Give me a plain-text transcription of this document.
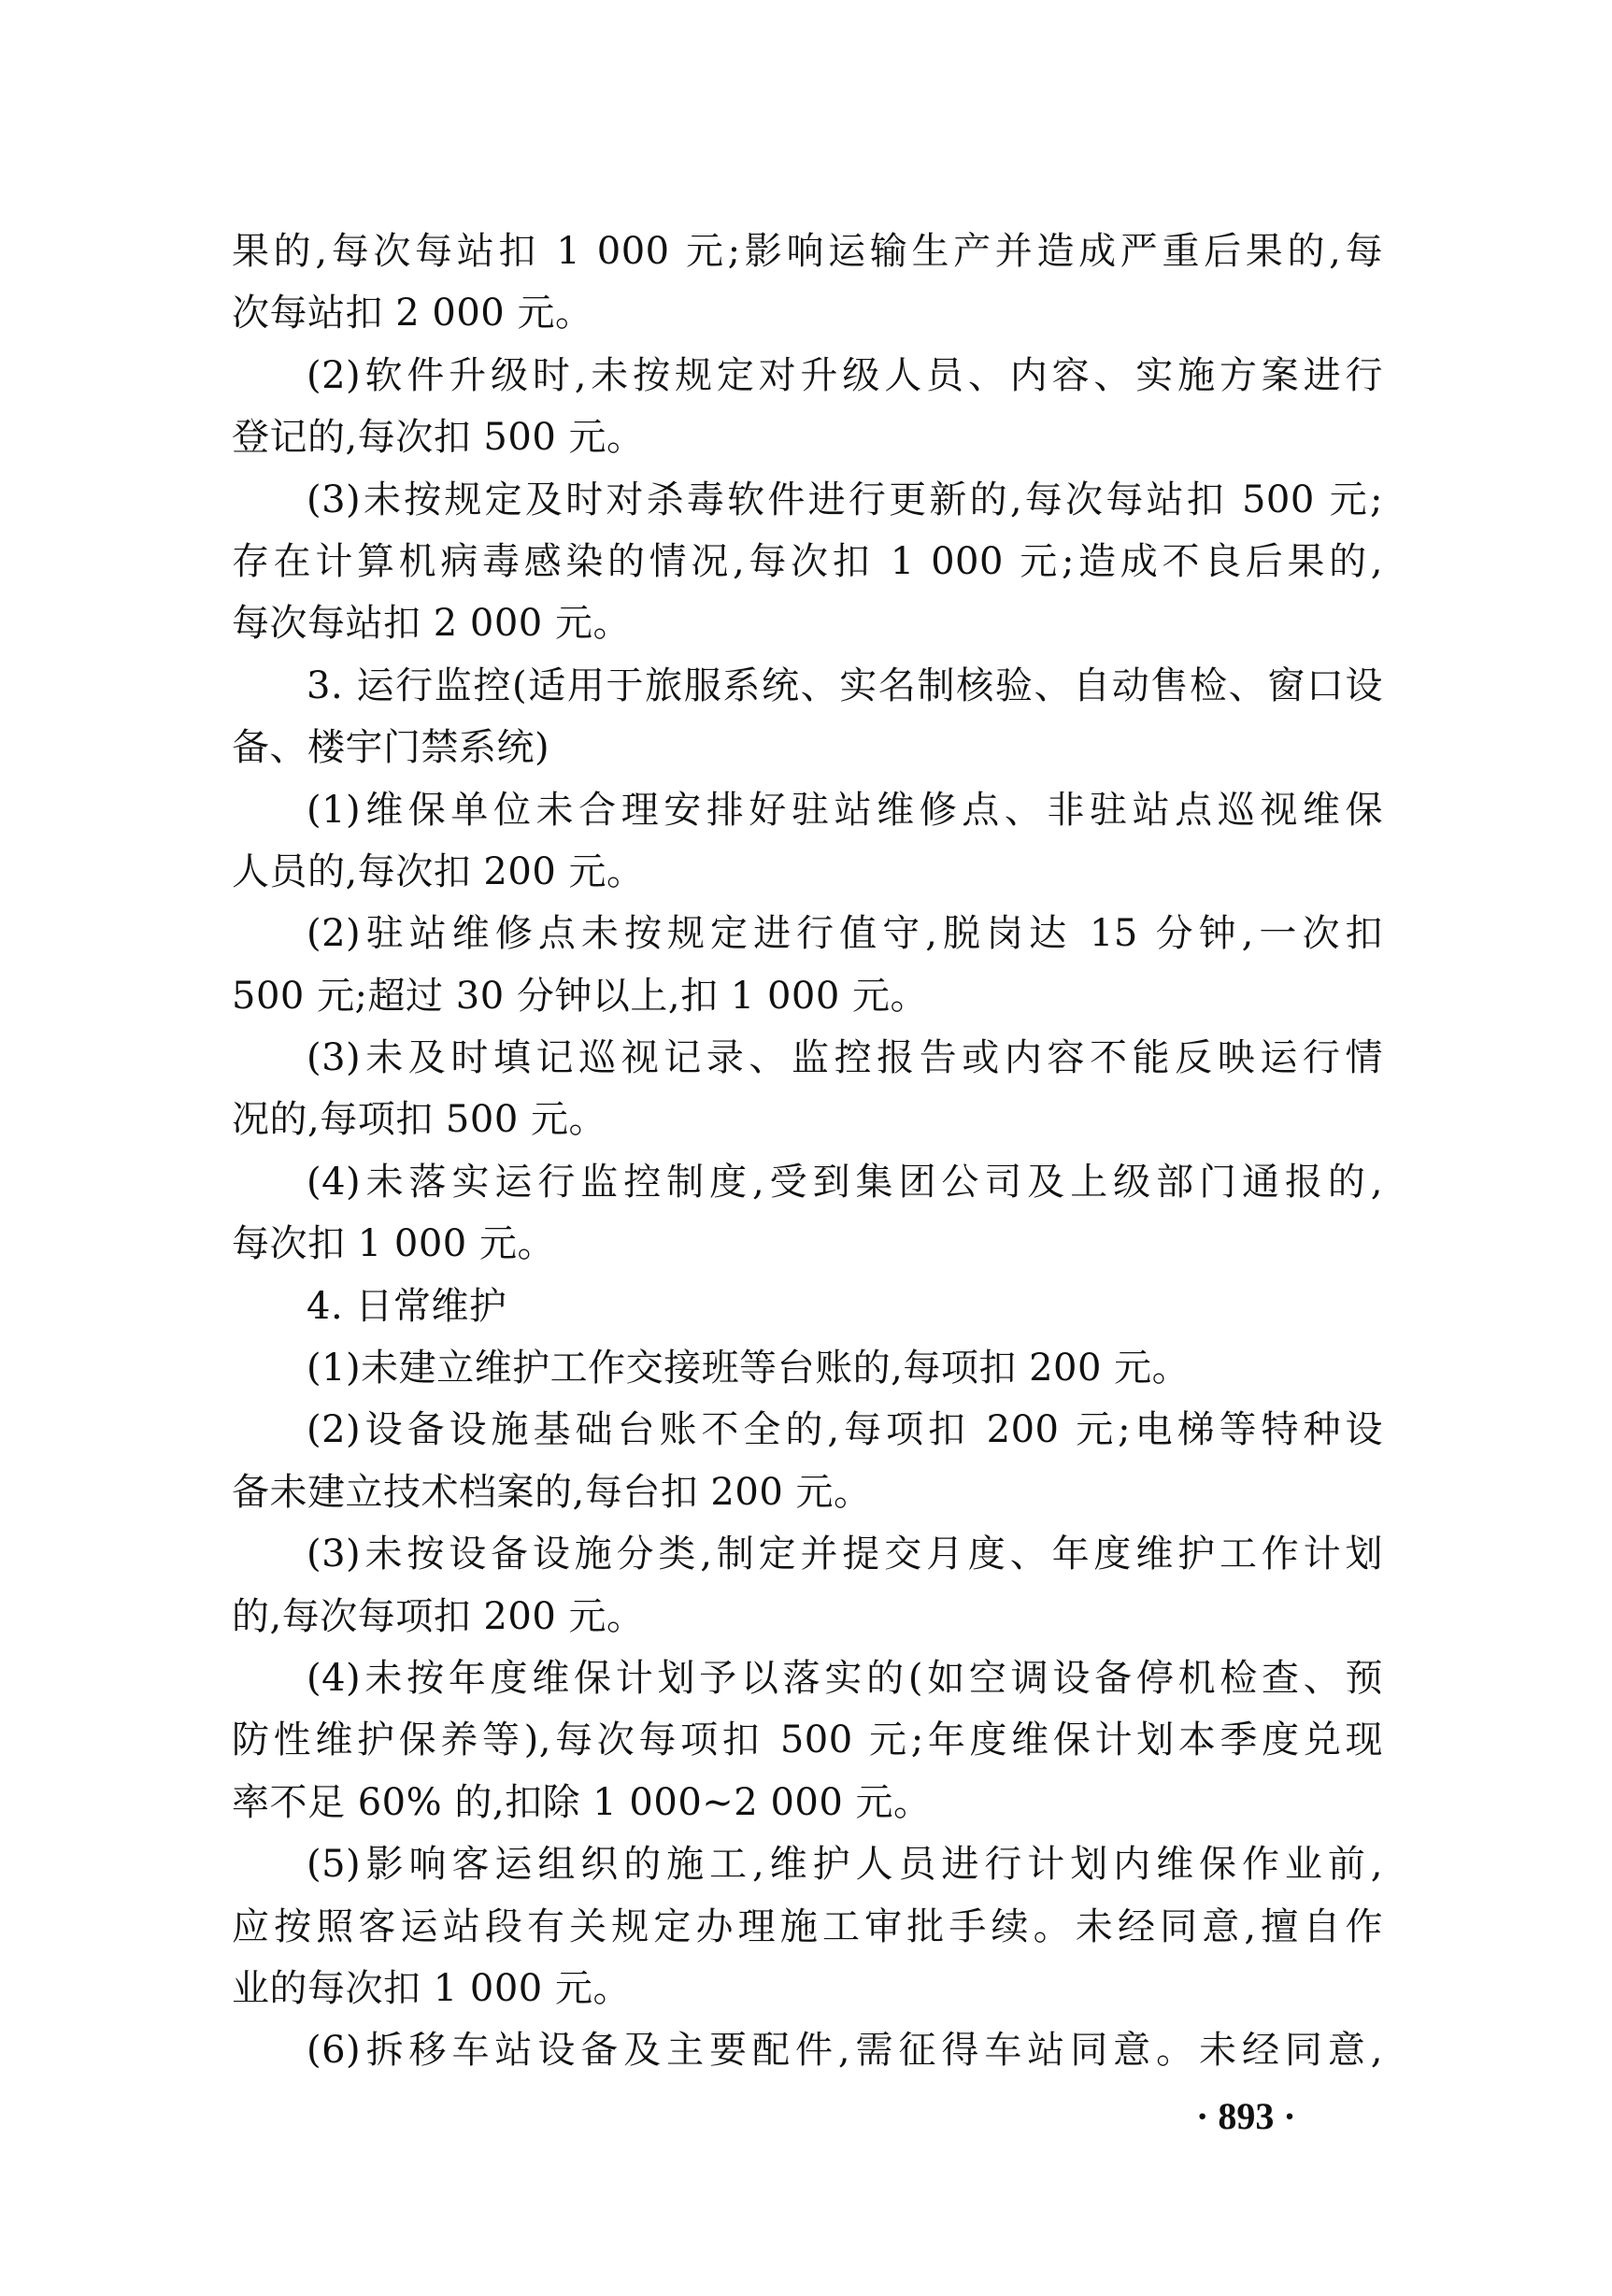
果的,每次每站扣 1 000 元;影响运输生产并造成严重后果的,每
次每站扣 2 000 元。
(2)软件升级时,未按规定对升级人员、内容、实施方案进行
登记的,每次扣 500 元。
(3)未按规定及时对杀毒软件进行更新的,每次每站扣 500 元;
存在计算机病毒感染的情况,每次扣 1 000 元;造成不良后果的,
每次每站扣 2 000 元。
3. 运行监控(适用于旅服系统、实名制核验、自动售检、窗口设
备、楼宇门禁系统)
(1)维保单位未合理安排好驻站维修点、非驻站点巡视维保
人员的,每次扣 200 元。
(2)驻站维修点未按规定进行值守,脱岗达 15 分钟,一次扣
500 元;超过 30 分钟以上,扣 1 000 元。
(3)未及时填记巡视记录、监控报告或内容不能反映运行情
况的,每项扣 500 元。
(4)未落实运行监控制度,受到集团公司及上级部门通报的,
每次扣 1 000 元。
4. 日常维护
(1)未建立维护工作交接班等台账的,每项扣 200 元。
(2)设备设施基础台账不全的,每项扣 200 元;电梯等特种设
备未建立技术档案的,每台扣 200 元。
(3)未按设备设施分类,制定并提交月度、年度维护工作计划
的,每次每项扣 200 元。
(4)未按年度维保计划予以落实的(如空调设备停机检查、预
防性维护保养等),每次每项扣 500 元;年度维保计划本季度兑现
率不足 60% 的,扣除 1 000~2 000 元。
(5)影响客运组织的施工,维护人员进行计划内维保作业前,
应按照客运站段有关规定办理施工审批手续。未经同意,擅自作
业的每次扣 1 000 元。
(6)拆移车站设备及主要配件,需征得车站同意。未经同意,
· 893 ·
